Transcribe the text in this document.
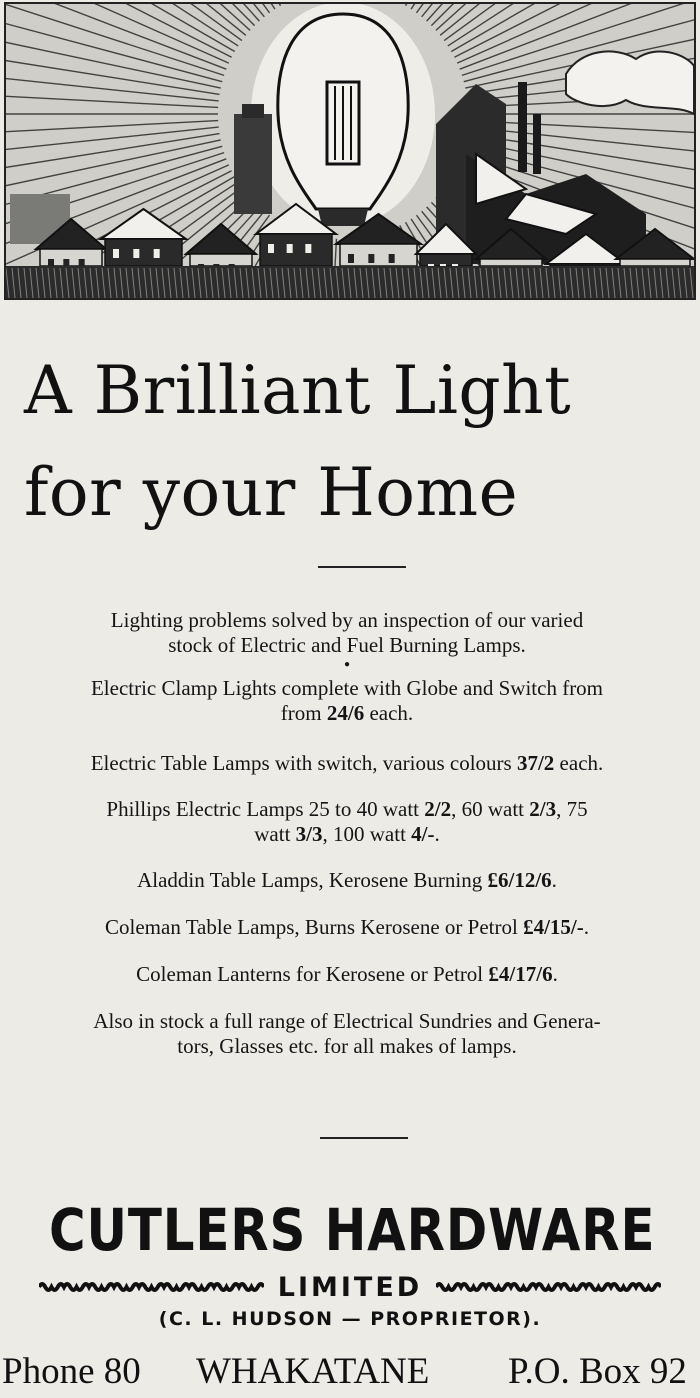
A Brilliant Light
for your Home

Lighting problems solved by an inspection of our varied
stock of Electric and Fuel Burning Lamps.

●

Electric Clamp Lights complete with Globe and Switch from
from 24/6 each.

Electric Table Lamps with switch, various colours 37/2 each.

Phillips Electric Lamps 25 to 40 watt 2/2, 60 watt 2/3, 75
watt 3/3, 100 watt 4/-.

Aladdin Table Lamps, Kerosene Burning £6/12/6.

Coleman Table Lamps, Burns Kerosene or Petrol £4/15/-.

Coleman Lanterns for Kerosene or Petrol £4/17/6.

Also in stock a full range of Electrical Sundries and Genera-
tors, Glasses etc. for all makes of lamps.

CUTLERS HARDWARE
LIMITED
(C. L. HUDSON — PROPRIETOR).
Phone 80 WHAKATANE P.O. Box 92
